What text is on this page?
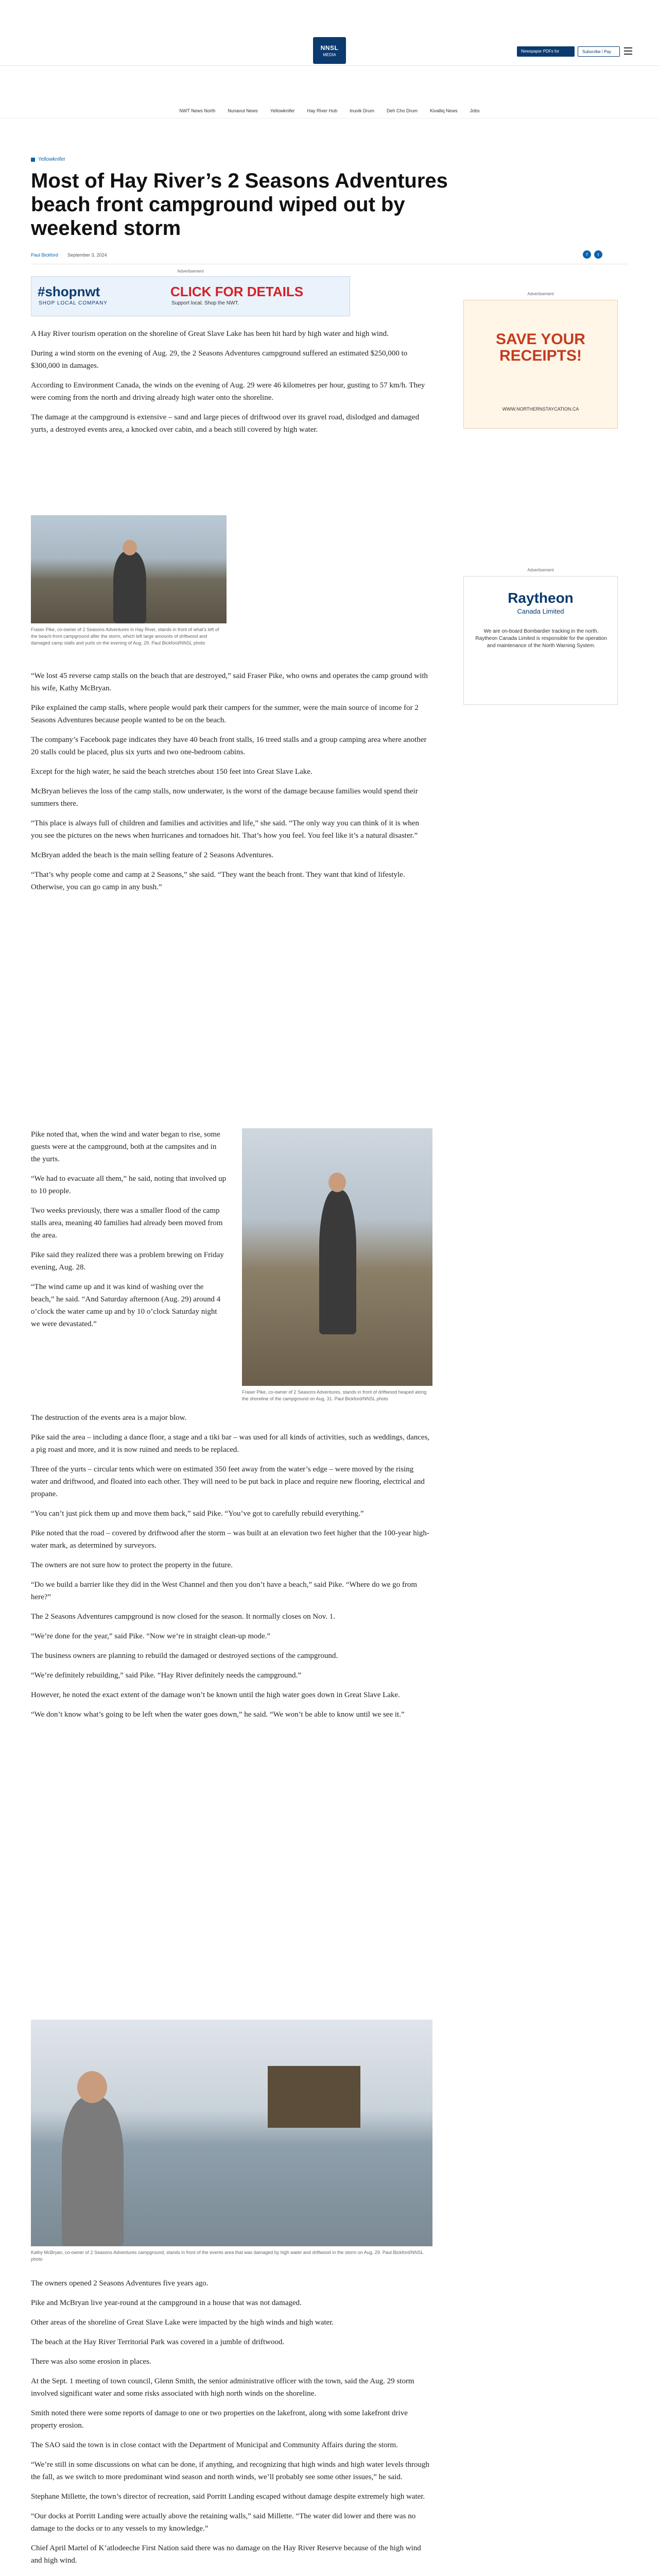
NNSL
MEDIA
Newspaper PDFs for Subscribers
Subscribe / Pay
NWT News North	Nunavut News	Yellowknifer	Hay River Hub	Inuvik Drum	Deh Cho Drum	Kivalliq News	Jobs
Yellowknifer
Most of Hay River’s 2 Seasons Adventures beach front campground wiped out by weekend storm
Paul Bickford September 3, 2024	f	t
Advertisement
#shopnwt
SHOP LOCAL COMPANY
CLICK FOR DETAILS
Support local. Shop the NWT.
Advertisement
SAVE YOUR RECEIPTS!
WWW.NORTHERNSTAYCATION.CA
Advertisement
Raytheon
Canada Limited
We are on-board Bombardier tracking in the north. Raytheon Canada Limited is responsible for the operation and maintenance of the North Warning System.

A Hay River tourism operation on the shoreline of Great Slave Lake has been hit hard by high water and high wind.

During a wind storm on the evening of Aug. 29, the 2 Seasons Adventures campground suffered an estimated $250,000 to $300,000 in damages.

According to Environment Canada, the winds on the evening of Aug. 29 were 46 kilometres per hour, gusting to 57 km/h. They were coming from the north and driving already high water onto the shoreline.

The damage at the campground is extensive – sand and large pieces of driftwood over its gravel road, dislodged and damaged yurts, a destroyed events area, a knocked over cabin, and a beach still covered by high water.

“We lost 45 reverse camp stalls on the beach that are destroyed,” said Fraser Pike, who owns and operates the camp ground with his wife, Kathy McBryan.

Pike explained the camp stalls, where people would park their campers for the summer, were the main source of income for 2 Seasons Adventures because people wanted to be on the beach.

The company’s Facebook page indicates they have 40 beach front stalls, 16 treed stalls and a group camping area where another 20 stalls could be placed, plus six yurts and two one-bedroom cabins.

Except for the high water, he said the beach stretches about 150 feet into Great Slave Lake.

McBryan believes the loss of the camp stalls, now underwater, is the worst of the damage because families would spend their summers there.

“This place is always full of children and families and activities and life,” she said. “The only way you can think of it is when you see the pictures on the news when hurricanes and tornadoes hit. That’s how you feel. You feel like it’s a natural disaster.”

McBryan added the beach is the main selling feature of 2 Seasons Adventures.

“That’s why people come and camp at 2 Seasons,” she said. “They want the beach front. They want that kind of lifestyle. Otherwise, you can go camp in any bush.”

Pike noted that, when the wind and water began to rise, some guests were at the campground, both at the campsites and in the yurts.

“We had to evacuate all them,” he said, noting that involved up to 10 people.

Two weeks previously, there was a smaller flood of the camp stalls area, meaning 40 families had already been moved from the area.

Pike said they realized there was a problem brewing on Friday evening, Aug. 28.

“The wind came up and it was kind of washing over the beach,” he said. “And Saturday afternoon (Aug. 29) around 4 o’clock the water came up and by 10 o’clock Saturday night we were devastated.”

The destruction of the events area is a major blow.

Pike said the area – including a dance floor, a stage and a tiki bar – was used for all kinds of activities, such as weddings, dances, a pig roast and more, and it is now ruined and needs to be replaced.

Three of the yurts – circular tents which were on estimated 350 feet away from the water’s edge – were moved by the rising water and driftwood, and floated into each other. They will need to be put back in place and require new flooring, electrical and propane.

“You can’t just pick them up and move them back,” said Pike. “You’ve got to carefully rebuild everything.”

Pike noted that the road – covered by driftwood after the storm – was built at an elevation two feet higher that the 100-year high-water mark, as determined by surveyors.

The owners are not sure how to protect the property in the future.

“Do we build a barrier like they did in the West Channel and then you don’t have a beach,” said Pike. “Where do we go from here?”

The 2 Seasons Adventures campground is now closed for the season. It normally closes on Nov. 1.

“We’re done for the year,” said Pike. “Now we’re in straight clean-up mode.”

The business owners are planning to rebuild the damaged or destroyed sections of the campground.

“We’re definitely rebuilding,” said Pike. “Hay River definitely needs the campground.”

However, he noted the exact extent of the damage won’t be known until the high water goes down in Great Slave Lake.

“We don’t know what’s going to be left when the water goes down,” he said. “We won’t be able to know until we see it.”

The owners opened 2 Seasons Adventures five years ago.

Pike and McBryan live year-round at the campground in a house that was not damaged.

Other areas of the shoreline of Great Slave Lake were impacted by the high winds and high water.

The beach at the Hay River Territorial Park was covered in a jumble of driftwood.

There was also some erosion in places.

At the Sept. 1 meeting of town council, Glenn Smith, the senior administrative officer with the town, said the Aug. 29 storm involved significant water and some risks associated with high north winds on the shoreline.

Smith noted there were some reports of damage to one or two properties on the lakefront, along with some lakefront drive property erosion.

The SAO said the town is in close contact with the Department of Municipal and Community Affairs during the storm.

“We’re still in some discussions on what can be done, if anything, and recognizing that high winds and high water levels through the fall, as we switch to more predominant wind season and north winds, we’ll probably see some other issues,” he said.

Stephane Millette, the town’s director of recreation, said Porritt Landing escaped without damage despite extremely high water.

“Our docks at Porritt Landing were actually above the retaining walls,” said Millette. “The water did lower and there was no damage to the docks or to any vessels to my knowledge.”

Chief April Martel of K’atlodeeche First Nation said there was no damage on the Hay River Reserve because of the high wind and high wind.

Fraser Pike, co-owner of 2 Seasons Adventures in Hay River, stands in front of what’s left of the beach-front campground after the storm, which left large amounts of driftwood and damaged camp stalls and yurts on the evening of Aug. 29. Paul Bickford/NNSL photo
Fraser Pike, co-owner of 2 Seasons Adventures, stands in front of driftwood heaped along the shoreline of the campground on Aug. 31. Paul Bickford/NNSL photo
Kathy McBryan, co-owner of 2 Seasons Adventures campground, stands in front of the events area that was damaged by high water and driftwood in the storm on Aug. 29. Paul Bickford/NNSL photo
